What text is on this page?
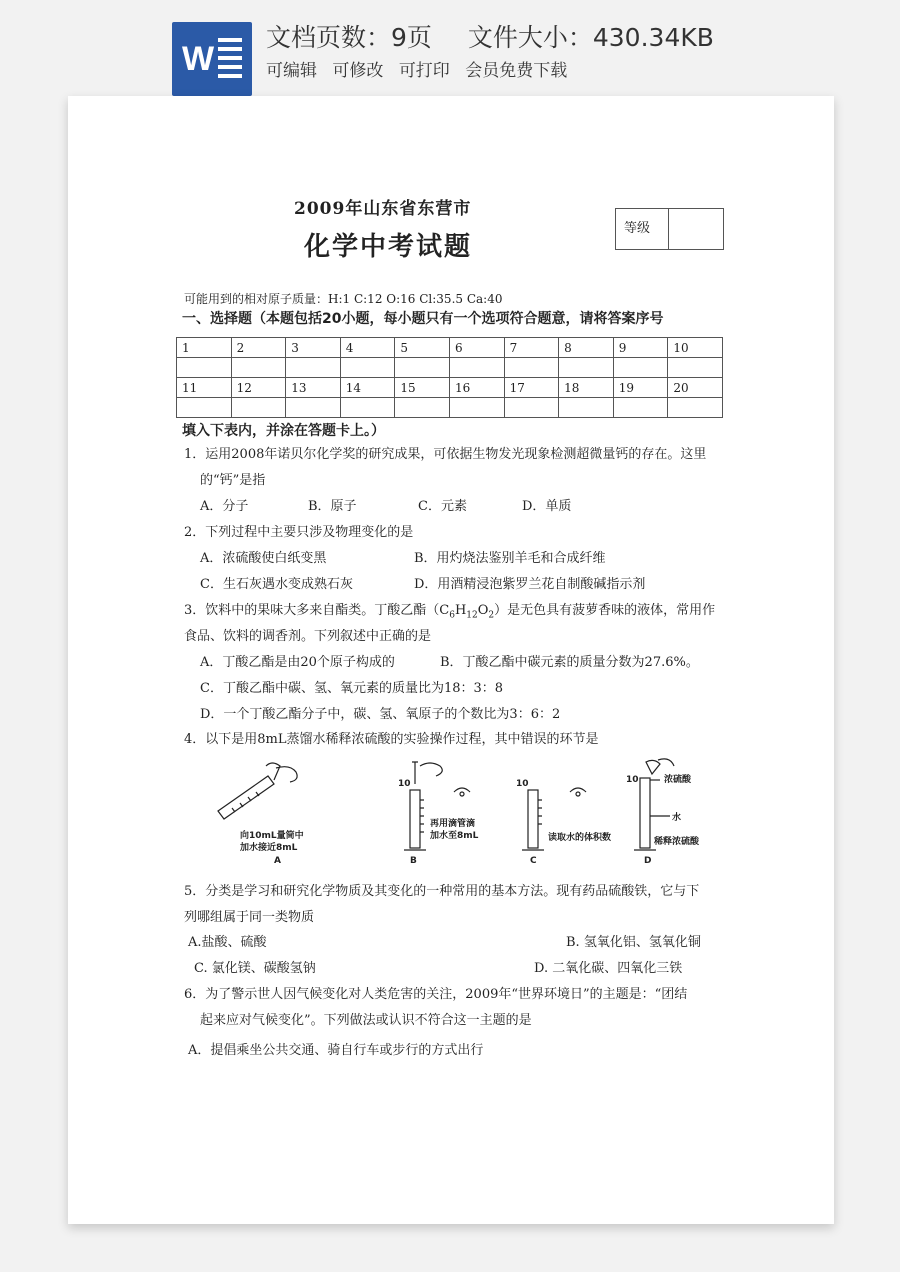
W
文档页数：9页 文件大小：430.34KB
可编辑 可修改 可打印 会员免费下载
2009年山东省东营市
化学中考试题
等级
可能用到的相对原子质量：H:1 C:12 O:16 Cl:35.5 Ca:40
一、选择题（本题包括20小题，每小题只有一个选项符合题意，请将答案序号
1	2	3	4	5	6	7	8	9	10

11	12	13	14	15	16	17	18	19	20

填入下表内，并涂在答题卡上。）
1．运用2008年诺贝尔化学奖的研究成果，可依据生物发光现象检测超微量钙的存在。这里
的“钙”是指
A．分子	B．原子	C．元素	D．单质
2．下列过程中主要只涉及物理变化的是
A．浓硫酸使白纸变黑	B．用灼烧法鉴别羊毛和合成纤维
C．生石灰遇水变成熟石灰	D．用酒精浸泡紫罗兰花自制酸碱指示剂
3．饮料中的果味大多来自酯类。丁酸乙酯$(C_6H_{12}O_2)$是无色具有菠萝香味的液体，常用作
食品、饮料的调香剂。下列叙述中正确的是
A．丁酸乙酯是由20个原子构成的	B．丁酸乙酯中碳元素的质量分数为27.6%。
C．丁酸乙酯中碳、氢、氧元素的质量比为18：3：8
D．一个丁酸乙酯分子中，碳、氢、氧原子的个数比为3：6：2
4．以下是用8mL蒸馏水稀释浓硫酸的实验操作过程，其中错误的环节是
向10mL量筒中
加水接近8mL
A
10
再用滴管滴
加水至8mL
B
10
读取水的体积数
C
10	浓硫酸
水
稀释浓硫酸
D
5．分类是学习和研究化学物质及其变化的一种常用的基本方法。现有药品硫酸铁，它与下
列哪组属于同一类物质
A.盐酸、硫酸	B. 氢氧化铝、氢氧化铜
C. 氯化镁、碳酸氢钠	D. 二氧化碳、四氧化三铁
6．为了警示世人因气候变化对人类危害的关注，2009年“世界环境日”的主题是：“团结
起来应对气候变化”。下列做法或认识不符合这一主题的是
A．提倡乘坐公共交通、骑自行车或步行的方式出行
